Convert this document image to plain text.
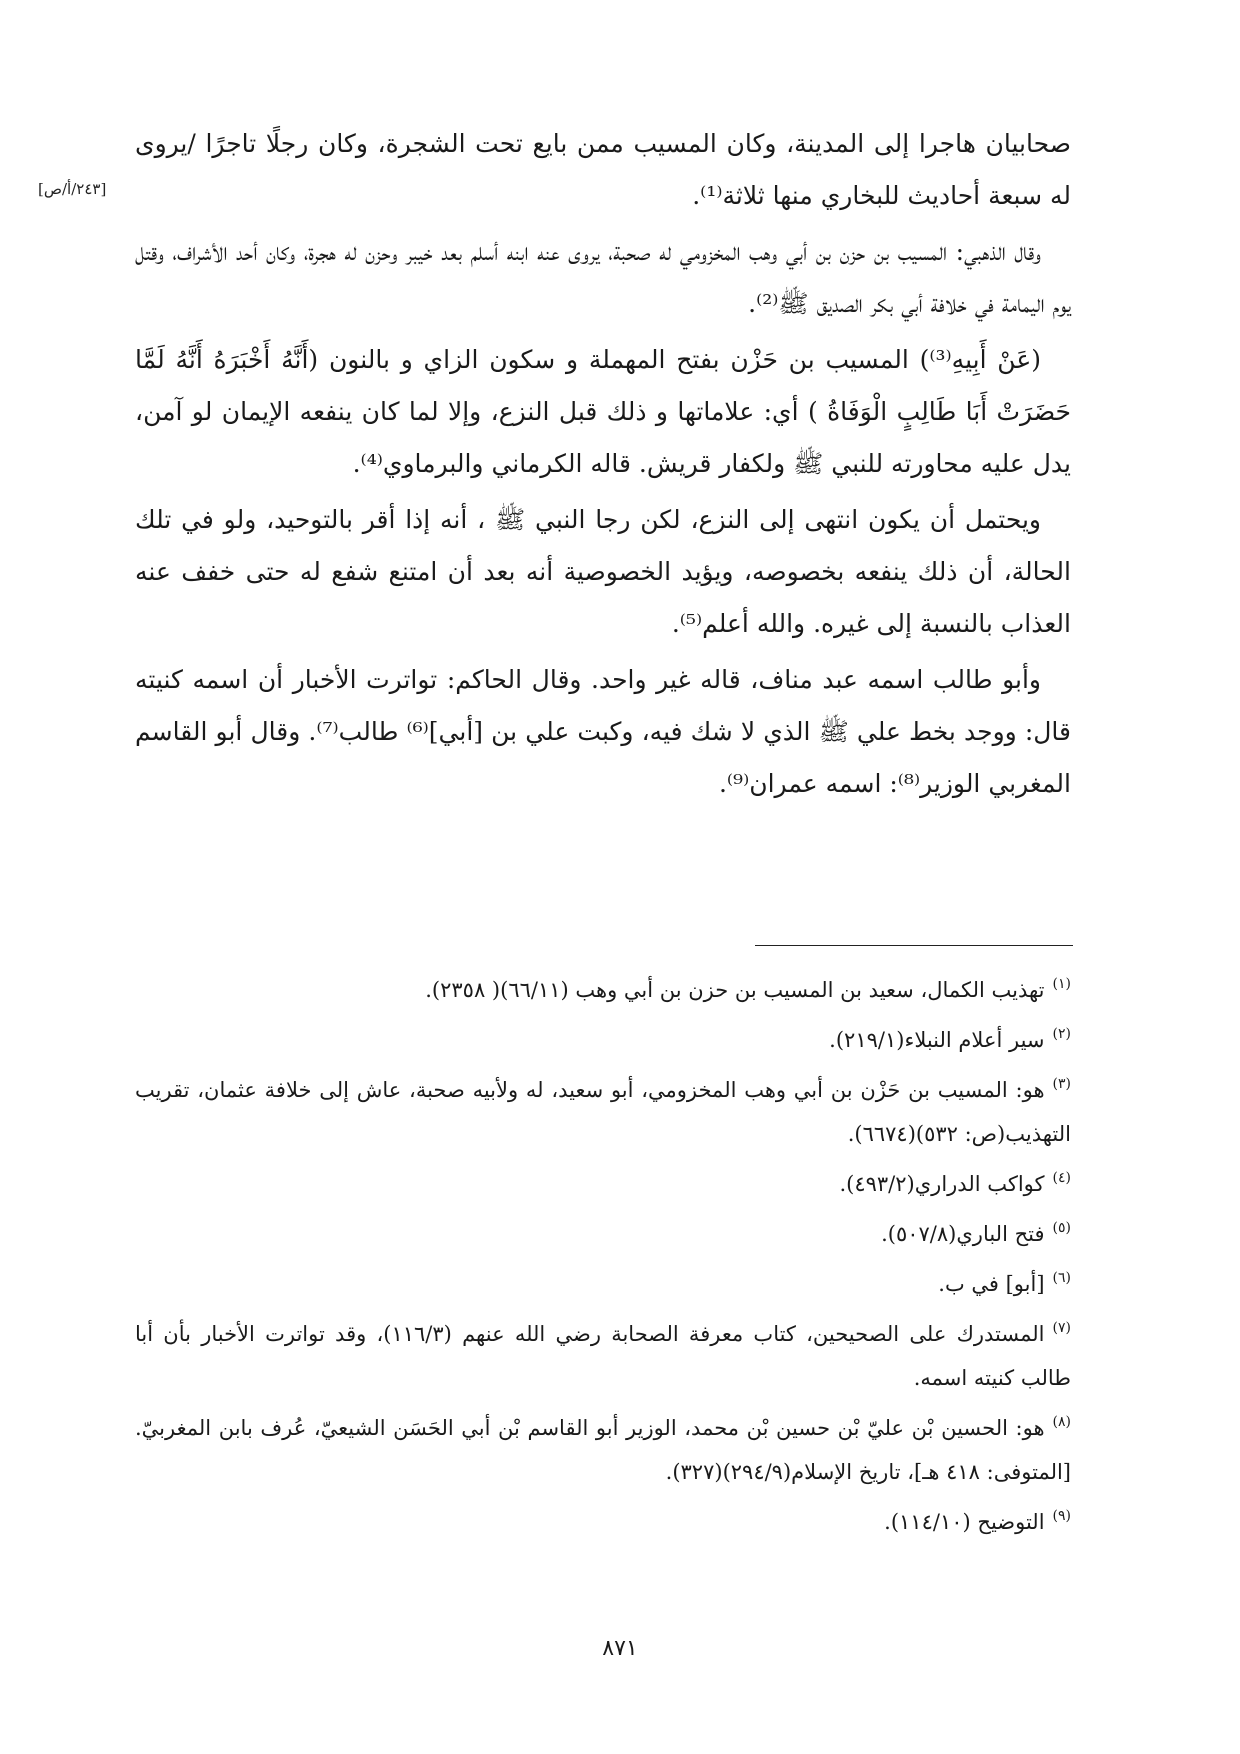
[٢٤٣/أ/ص]

صحابيان هاجرا إلى المدينة، وكان المسيب ممن بايع تحت الشجرة، وكان رجلًا تاجرًا /يروى له سبعة أحاديث للبخاري منها ثلاثة⁽¹⁾.

وقال الذهبي: المسيب بن حزن بن أبي وهب المخزومي له صحبة، يروى عنه ابنه أسلم بعد خيبر وحزن له هجرة، وكان أحد الأشراف، وقتل يوم اليمامة في خلافة أبي بكر الصديق ﷺ⁽²⁾.

(عَنْ أَبِيهِ⁽³⁾) المسيب بن حَزْن بفتح المهملة و سكون الزاي و بالنون (أَنَّهُ أَخْبَرَهُ أَنَّهُ لَمَّا حَضَرَتْ أَبَا طَالِبٍ الْوَفَاةُ ) أي: علاماتها و ذلك قبل النزع، وإلا لما كان ينفعه الإيمان لو آمن، يدل عليه محاورته للنبي ﷺ ولكفار قريش. قاله الكرماني والبرماوي⁽⁴⁾.

ويحتمل أن يكون انتهى إلى النزع، لكن رجا النبي ﷺ ، أنه إذا أقر بالتوحيد، ولو في تلك الحالة، أن ذلك ينفعه بخصوصه، ويؤيد الخصوصية أنه بعد أن امتنع شفع له حتى خفف عنه العذاب بالنسبة إلى غيره. والله أعلم⁽⁵⁾.

وأبو طالب اسمه عبد مناف، قاله غير واحد. وقال الحاكم: تواترت الأخبار أن اسمه كنيته قال: ووجد بخط علي ﷺ الذي لا شك فيه، وكبت علي بن [أبي]⁽⁶⁾ طالب⁽⁷⁾. وقال أبو القاسم المغربي الوزير⁽⁸⁾: اسمه عمران⁽⁹⁾.

(١)تهذيب الكمال، سعيد بن المسيب بن حزن بن أبي وهب (٦٦/١١)( ٢٣٥٨).

(٢)سير أعلام النبلاء(٢١٩/١).

(٣)هو: المسيب بن حَزْن بن أبي وهب المخزومي، أبو سعيد، له ولأبيه صحبة، عاش إلى خلافة عثمان، تقريب التهذيب(ص: ٥٣٢)(٦٦٧٤).

(٤)كواكب الدراري(٤٩٣/٢).

(٥)فتح الباري(٥٠٧/٨).

(٦)[أبو] في ب.

(٧)المستدرك على الصحيحين، كتاب معرفة الصحابة رضي الله عنهم (١١٦/٣)، وقد تواترت الأخبار بأن أبا طالب كنيته اسمه.

(٨)هو: الحسين بْن عليّ بْن حسين بْن محمد، الوزير أبو القاسم بْن أبي الحَسَن الشيعيّ، عُرف بابن المغربيّ. [المتوفى: ٤١٨ هـ]، تاريخ الإسلام(٢٩٤/٩)(٣٢٧).

(٩)التوضيح (١١٤/١٠).

٨٧١
